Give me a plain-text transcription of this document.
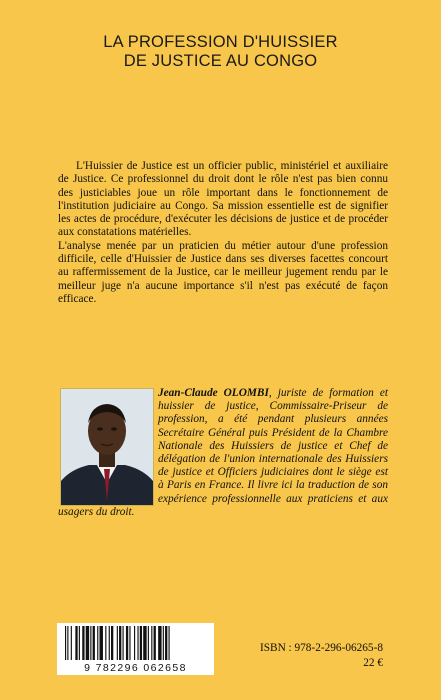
LA PROFESSION D'HUISSIER
DE JUSTICE AU CONGO

L'Huissier de Justice est un officier public, ministériel et auxiliaire de Justice. Ce professionnel du droit dont le rôle n'est pas bien connu des justiciables joue un rôle important dans le fonctionnement de l'institution judiciaire au Congo. Sa mission essentielle est de signifier les actes de procédure, d'exécuter les décisions de justice et de procéder aux constatations matérielles.

L'analyse menée par un praticien du métier autour d'une profession difficile, celle d'Huissier de Justice dans ses diverses facettes concourt au raffermissement de la Justice, car le meilleur jugement rendu par le meilleur juge n'a aucune importance s'il n'est pas exécuté de façon efficace.

Jean-Claude OLOMBI, juriste de formation et huissier de justice, Commissaire-Priseur de profession, a été pendant plusieurs années Secrétaire Général puis Président de la Chambre Nationale des Huissiers de justice et Chef de délégation de l'union internationale des Huissiers de justice et Officiers judiciaires dont le siège est à Paris en France. Il livre ici la traduction de son expérience professionnelle aux praticiens et aux usagers du droit.
9 782296 062658
ISBN : 978-2-296-06265-8
22 €
